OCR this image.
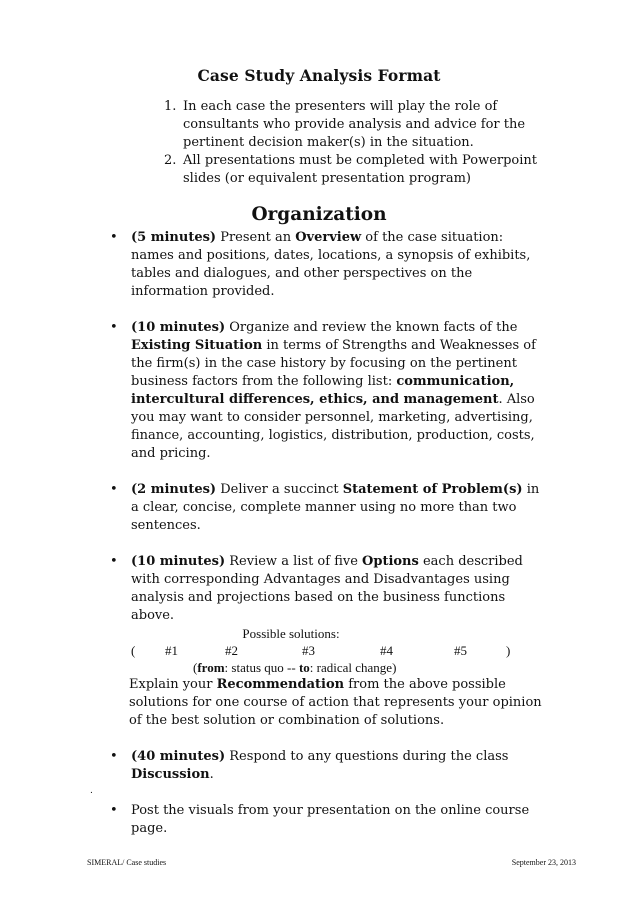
Case Study Analysis Format
1. In each case the presenters will play the role of consultants who provide analysis and advice for the pertinent decision maker(s) in the situation.
2. All presentations must be completed with Powerpoint slides (or equivalent presentation program)
Organization
• (5 minutes) Present an Overview of the case situation: names and positions, dates, locations, a synopsis of exhibits, tables and dialogues, and other perspectives on the information provided.
• (10 minutes) Organize and review the known facts of the Existing Situation in terms of Strengths and Weaknesses of the firm(s) in the case history by focusing on the pertinent business factors from the following list: communication, intercultural differences, ethics, and management. Also you may want to consider personnel, marketing, advertising, finance, accounting, logistics, distribution, production, costs, and pricing.
• (2 minutes) Deliver a succinct Statement of Problem(s) in a clear, concise, complete manner using no more than two sentences.
• (10 minutes) Review a list of five Options each described with corresponding Advantages and Disadvantages using analysis and projections based on the business functions above.
Possible solutions:
(	#1	#2	#3	#4	#5	)
(from: status quo -- to: radical change)
Explain your Recommendation from the above possible solutions for one course of action that represents your opinion of the best solution or combination of solutions.
• (40 minutes) Respond to any questions during the class Discussion.
• Post the visuals from your presentation on the online course page.
.
SIMERAL/ Case studies	September 23, 2013
